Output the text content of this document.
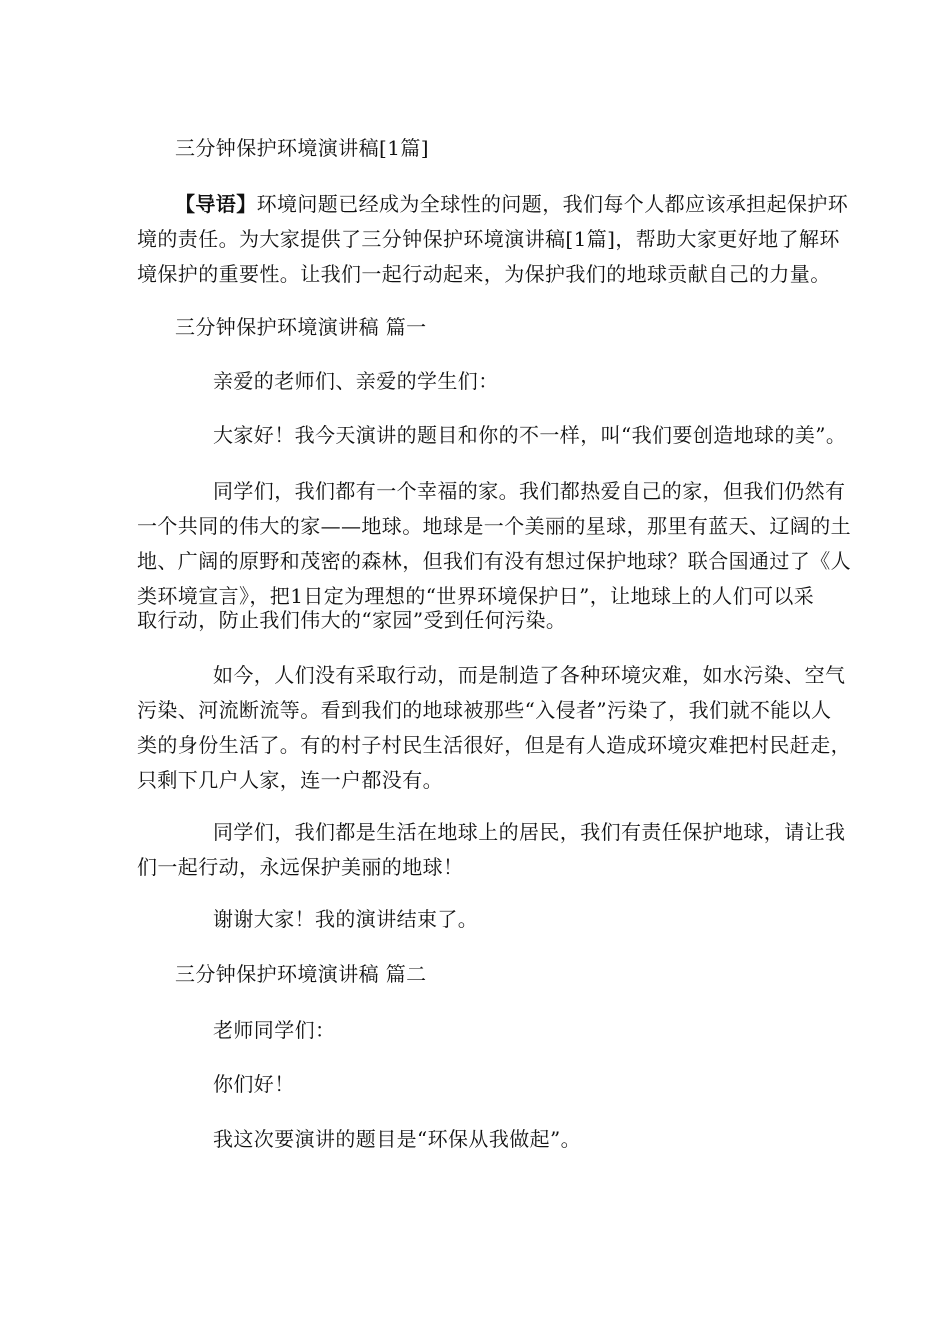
三分钟保护环境演讲稿[1篇]
【导语】环境问题已经成为全球性的问题，我们每个人都应该承担起保护环
境的责任。为大家提供了三分钟保护环境演讲稿[1篇]，帮助大家更好地了解环
境保护的重要性。让我们一起行动起来，为保护我们的地球贡献自己的力量。
三分钟保护环境演讲稿 篇一
亲爱的老师们、亲爱的学生们：
大家好！我今天演讲的题目和你的不一样，叫“我们要创造地球的美”。
同学们，我们都有一个幸福的家。我们都热爱自己的家，但我们仍然有
一个共同的伟大的家——地球。地球是一个美丽的星球，那里有蓝天、辽阔的土
地、广阔的原野和茂密的森林，但我们有没有想过保护地球？联合国通过了《人
类环境宣言》，把1日定为理想的“世界环境保护日”，让地球上的人们可以采
取行动，防止我们伟大的“家园”受到任何污染。
如今，人们没有采取行动，而是制造了各种环境灾难，如水污染、空气
污染、河流断流等。看到我们的地球被那些“入侵者”污染了，我们就不能以人
类的身份生活了。有的村子村民生活很好，但是有人造成环境灾难把村民赶走，
只剩下几户人家，连一户都没有。
同学们，我们都是生活在地球上的居民，我们有责任保护地球，请让我
们一起行动，永远保护美丽的地球！
谢谢大家！我的演讲结束了。
三分钟保护环境演讲稿 篇二
老师同学们：
你们好！
我这次要演讲的题目是“环保从我做起”。
